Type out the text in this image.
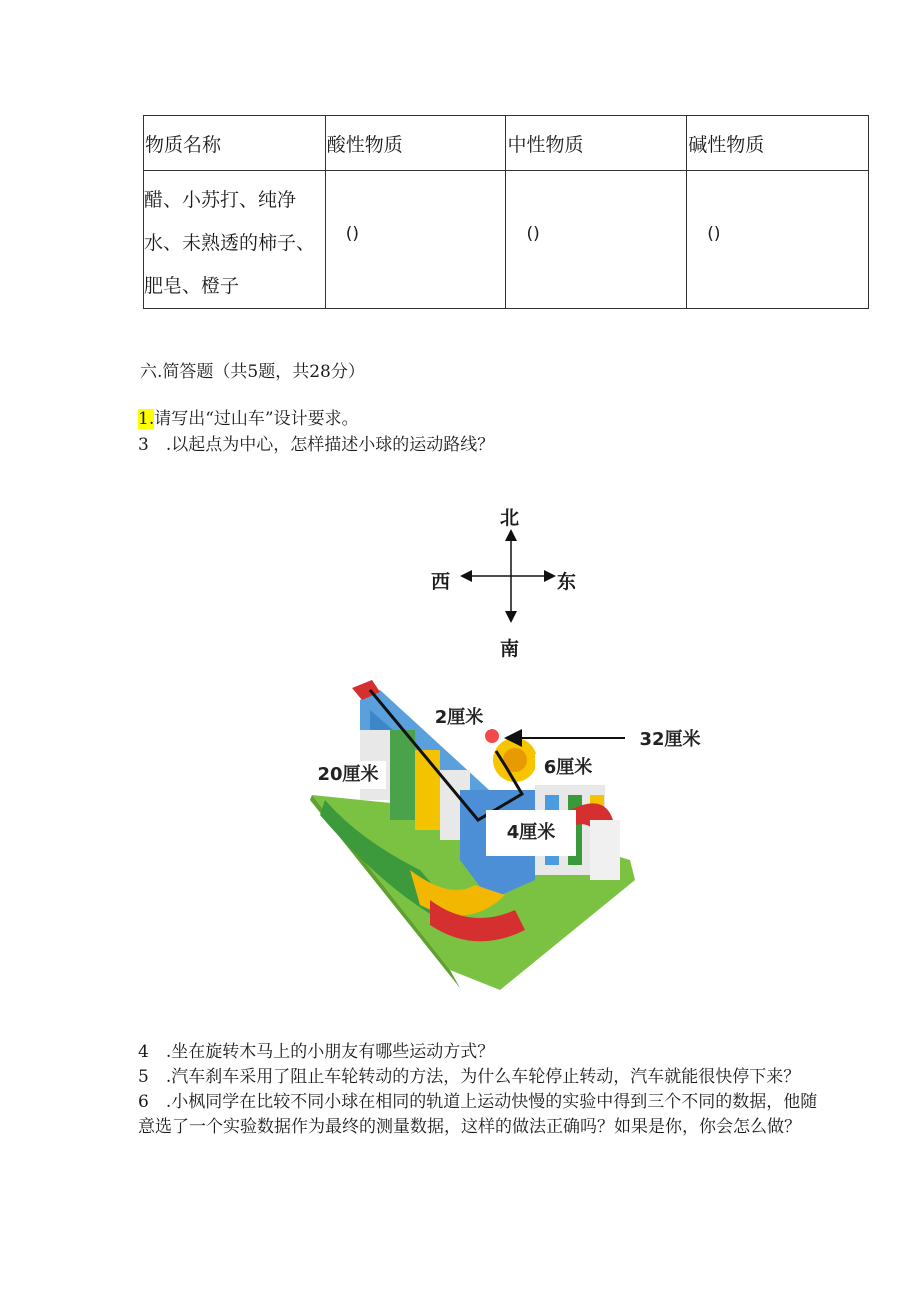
物质名称	酸性物质	中性物质	碱性物质

醋、小苏打、纯净
水、未熟透的柿子、
肥皂、橙子	()	()	()
六.简答题（共5题，共28分）
1.请写出“过山车”设计要求。
3　.以起点为中心，怎样描述小球的运动路线？
北
南
东
西
2厘米
32厘米
6厘米
20厘米
4厘米
4　.坐在旋转木马上的小朋友有哪些运动方式？
5　.汽车刹车采用了阻止车轮转动的方法，为什么车轮停止转动，汽车就能很快停下来？
6　.小枫同学在比较不同小球在相同的轨道上运动快慢的实验中得到三个不同的数据，他随
意选了一个实验数据作为最终的测量数据，这样的做法正确吗？如果是你，你会怎么做？
